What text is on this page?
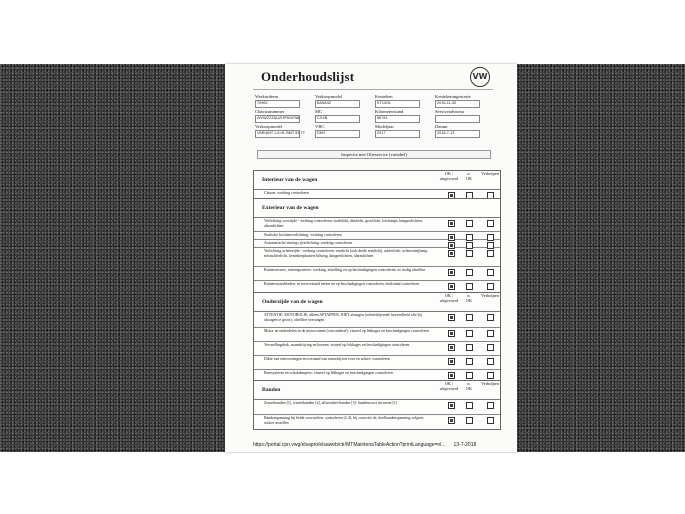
Onderhoudslijst	VW
Werkorderm
70962
Verkoopmodel
BA5A4Z
Kenteken
KT10GL
Kentekeningesteste
2016-11-30
Chassisnummer
WVWZZZAUZHP504758
MC
CXXB
Kilometerstand
56781
Serviceadviseur
Verkoopmodel
VARIANT 1.6 HL BMT 81 TT
VBC
DMY
Modeljaar
2017
Datum
2018-7-13
Inspectie met Olieservice (variabel)
Interieur van de wagen
OK / uitgevoerd
n. OK
Verholpen
Claxon: werking controleren
Exterieur van de wagen
Verlichting voorzijde - werking controleren: stadslicht, dimlicht, grootlicht, lotsfamps, knipperlichten, alarmlichten
Statische bochtenverlichting: werking controleren
Automatische sturing rijverlichting: werking controleren
Verlichting achterzijde - werking controleren: remlicht (ook derde remlicht), achterlicht, achteruitrijlamp, mistachterlicht, kentekenplaatverlichting, knipperlichten, alarmlichten
Ruitenwissers, ruitensproeiers: werking, afstelling en op beschadigingen controleren, zo nodig afstellen
Ruitenwisserbladen: in servicestand zetten en op beschadigingen controleren, eindstand controleren
Onderzijde van de wagen
OK / uitgevoerd
n. OK
Verholpen
ATTENTIE: MOTOROLIE: alleen AFTAPPEN, NIET afzuigen (achterblijvende hoeveelheid olie bij afzuigen te groot); oliefilter vervangen
Motor en onderdelen in de motorruimte (van onderaf): visueel op lekkages en beschadigingen controleren
Versnellingsbak, asaandrijving en hoezen: visueel op lekkages en beschadigingen controleren
Dikte van remvoeringen en toestand van remschijven voor en achter: controleren
Remsysteem en schokdempers: visueel op lekkages en beschadigingen controleren
Banden
OK / uitgevoerd
n. OK
Verholpen
Zomerbanden [1], winterbanden [2], allweather-banden [3]: bandensoort invoeren [1]
Bandenspanning bij beide voorwielen: controleren [2.4]; bij correctie de, doelbandenspanning volgens sticker instellen
https://portal.cpn.vwg/elsapro/elsaweb/ctr/MTMaintenaTableAction?printLanguage=nl... 13-7-2018
